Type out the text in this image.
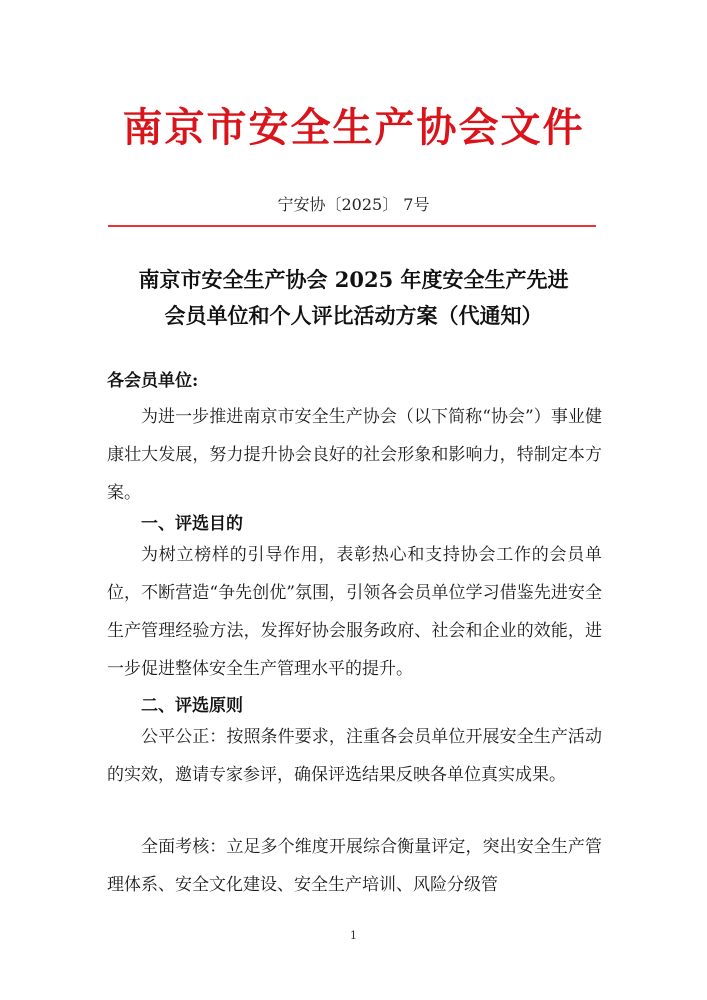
南京市安全生产协会文件
宁安协〔2025〕 7号
南京市安全生产协会 2025 年度安全生产先进
会员单位和个人评比活动方案（代通知）
各会员单位:
为进一步推进南京市安全生产协会（以下简称“协会”）事业健康壮大发展，努力提升协会良好的社会形象和影响力，特制定本方案。
一、评选目的
为树立榜样的引导作用，表彰热心和支持协会工作的会员单位，不断营造“争先创优”氛围，引领各会员单位学习借鉴先进安全生产管理经验方法，发挥好协会服务政府、社会和企业的效能，进一步促进整体安全生产管理水平的提升。
二、评选原则
公平公正：按照条件要求，注重各会员单位开展安全生产活动的实效，邀请专家参评，确保评选结果反映各单位真实成果。
全面考核：立足多个维度开展综合衡量评定，突出安全生产管理体系、安全文化建设、安全生产培训、风险分级管
1
